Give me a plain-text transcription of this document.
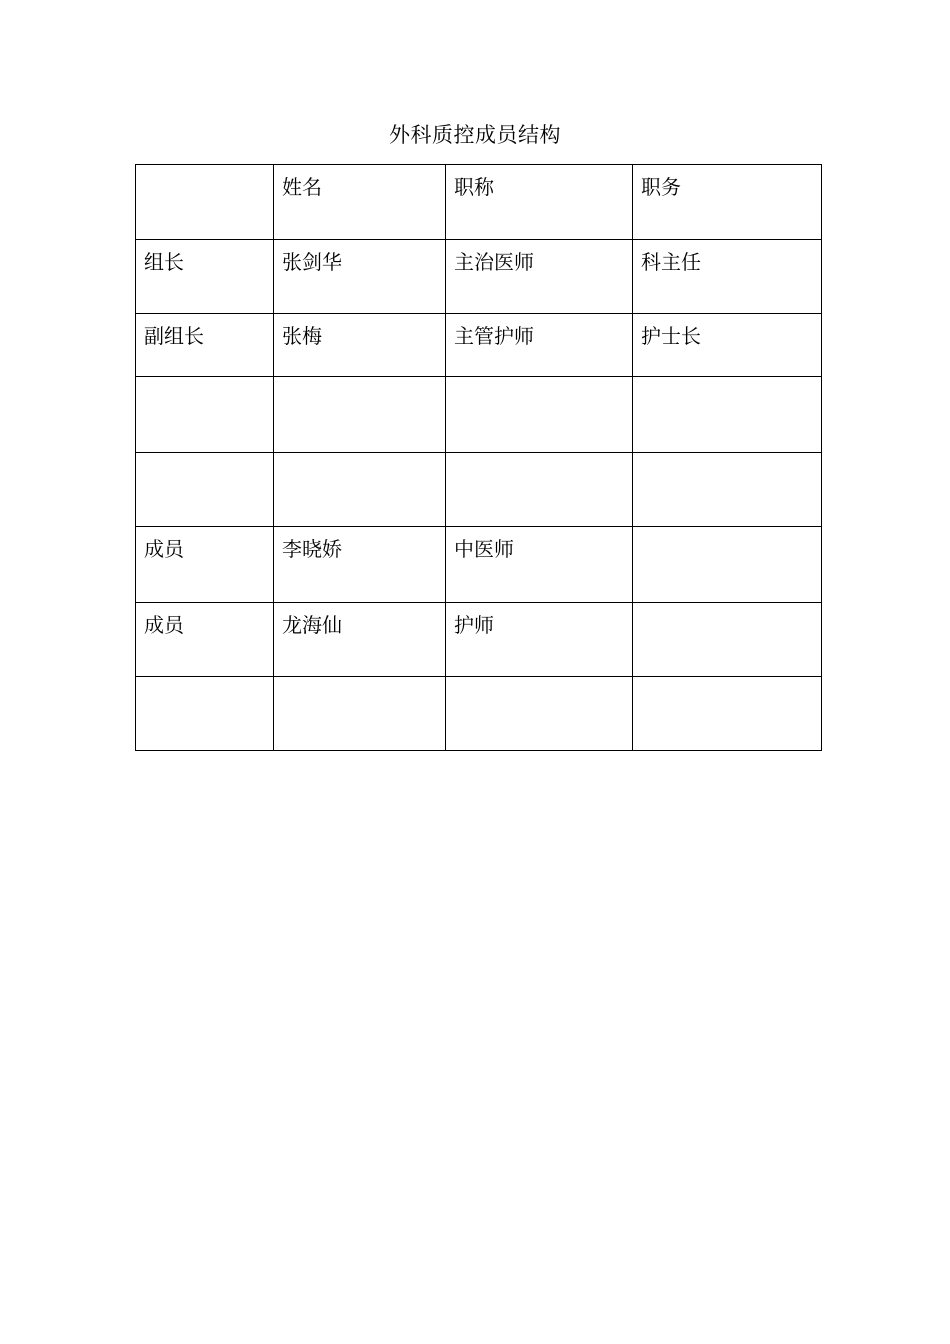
外科质控成员结构
	姓名	职称	职务
组长	张剑华	主治医师	科主任
副组长	张梅	主管护师	护士长

成员	李晓娇	中医师	
成员	龙海仙	护师	
